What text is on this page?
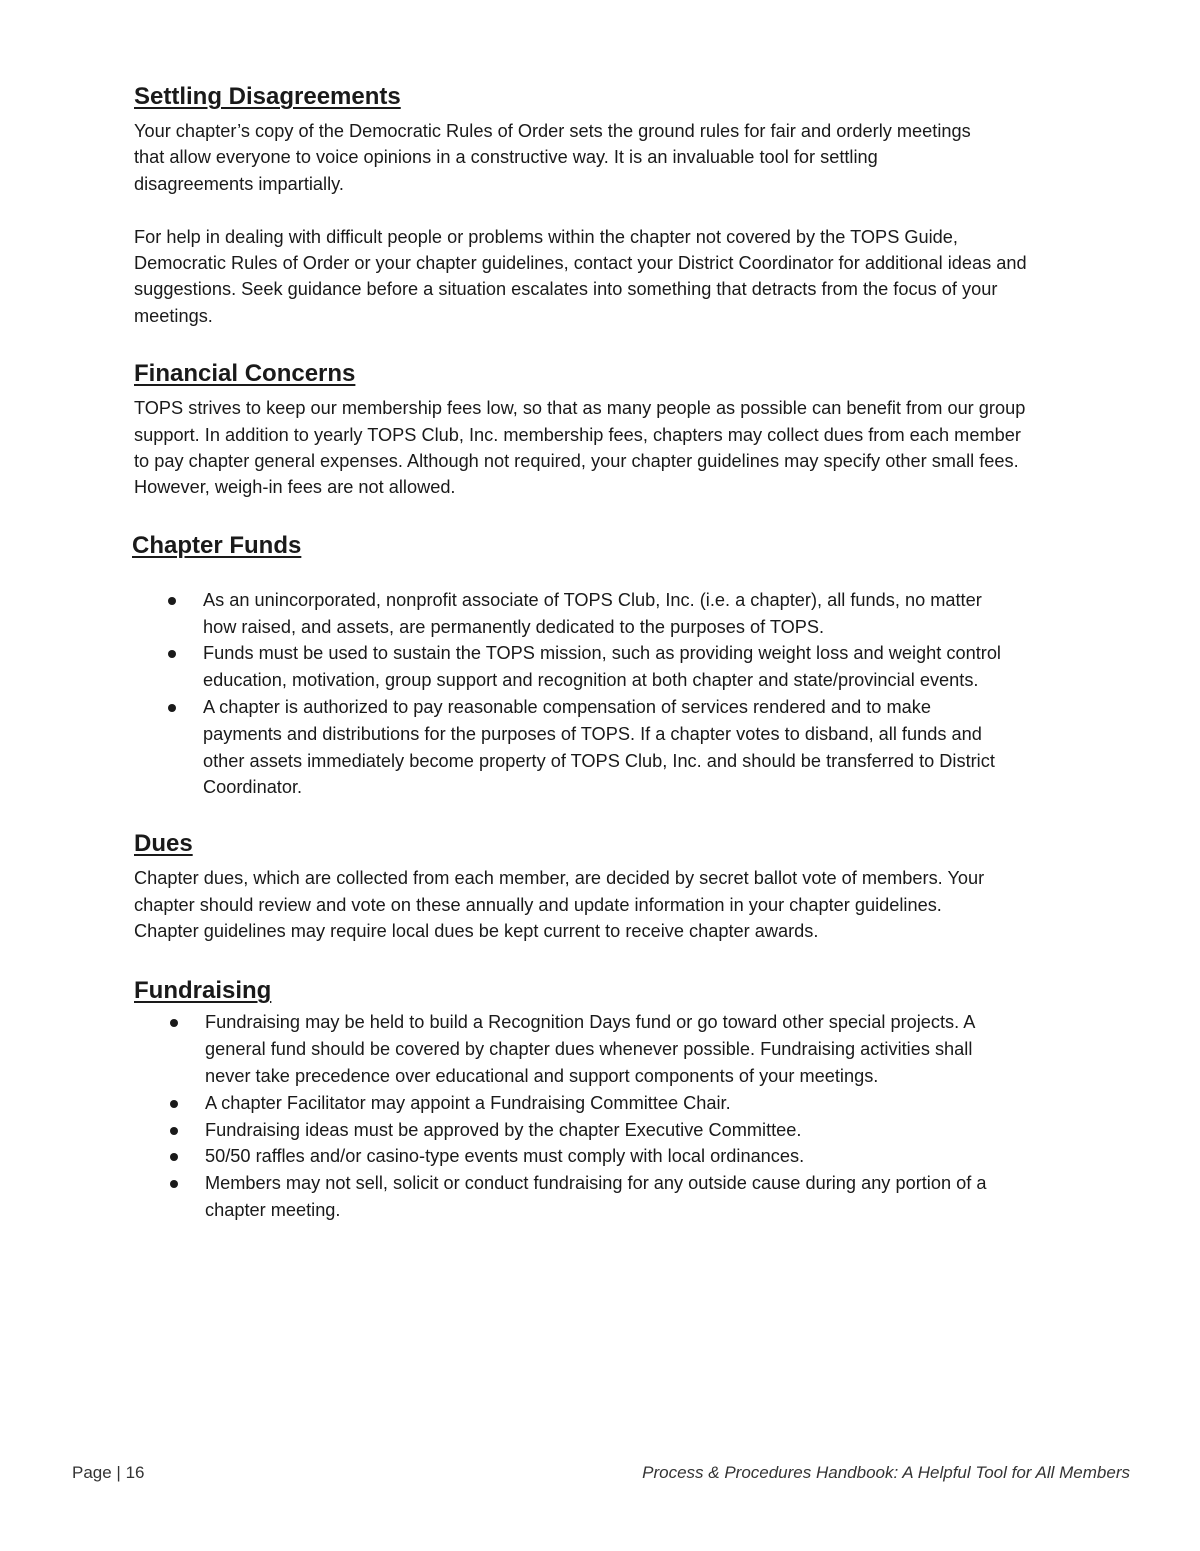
Settling Disagreements

Your chapter’s copy of the Democratic Rules of Order sets the ground rules for fair and orderly meetings that allow everyone to voice opinions in a constructive way. It is an invaluable tool for settling disagreements impartially.

For help in dealing with difficult people or problems within the chapter not covered by the TOPS Guide, Democratic Rules of Order or your chapter guidelines, contact your District Coordinator for additional ideas and suggestions. Seek guidance before a situation escalates into something that detracts from the focus of your meetings.

Financial Concerns

TOPS strives to keep our membership fees low, so that as many people as possible can benefit from our group support. In addition to yearly TOPS Club, Inc. membership fees, chapters may collect dues from each member to pay chapter general expenses. Although not required, your chapter guidelines may specify other small fees. However, weigh-in fees are not allowed.

Chapter Funds
As an unincorporated, nonprofit associate of TOPS Club, Inc. (i.e. a chapter), all funds, no matter how raised, and assets, are permanently dedicated to the purposes of TOPS.
Funds must be used to sustain the TOPS mission, such as providing weight loss and weight control education, motivation, group support and recognition at both chapter and state/provincial events.
A chapter is authorized to pay reasonable compensation of services rendered and to make payments and distributions for the purposes of TOPS. If a chapter votes to disband, all funds and other assets immediately become property of TOPS Club, Inc. and should be transferred to District Coordinator.
Dues

Chapter dues, which are collected from each member, are decided by secret ballot vote of members. Your chapter should review and vote on these annually and update information in your chapter guidelines. Chapter guidelines may require local dues be kept current to receive chapter awards.

Fundraising
Fundraising may be held to build a Recognition Days fund or go toward other special projects. A general fund should be covered by chapter dues whenever possible. Fundraising activities shall never take precedence over educational and support components of your meetings.
A chapter Facilitator may appoint a Fundraising Committee Chair.
Fundraising ideas must be approved by the chapter Executive Committee.
50/50 raffles and/or casino-type events must comply with local ordinances.
Members may not sell, solicit or conduct fundraising for any outside cause during any portion of a chapter meeting.
Page | 16	Process & Procedures Handbook: A Helpful Tool for All Members
